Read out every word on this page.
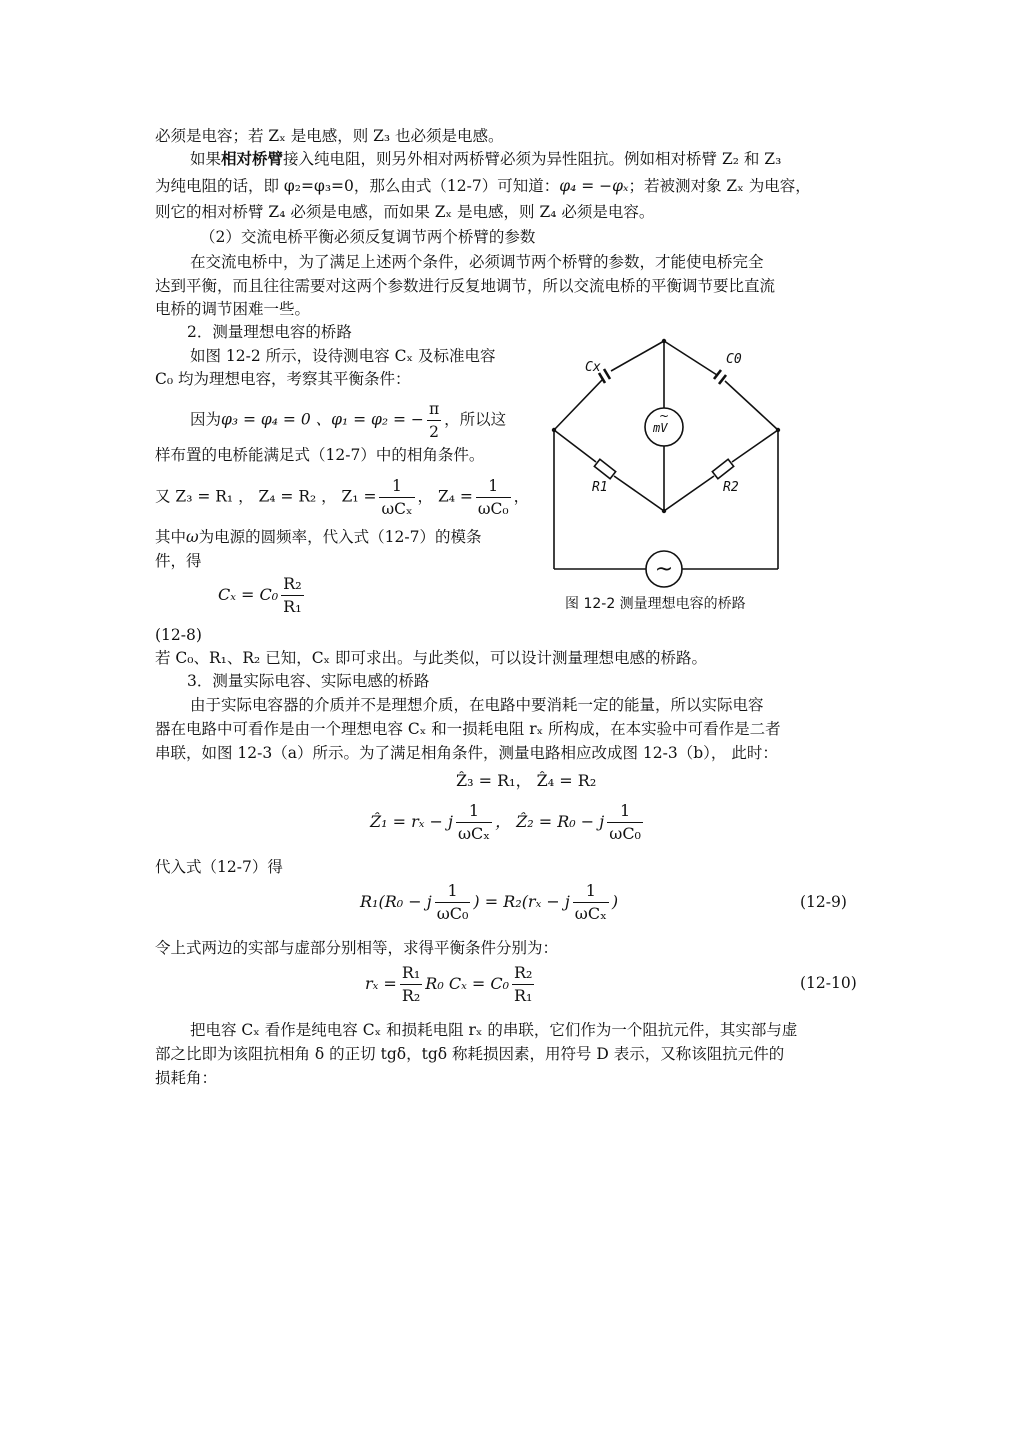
必须是电容；若 Zₓ 是电感，则 Z₃ 也必须是电感。
如果相对桥臂接入纯电阻，则另外相对两桥臂必须为异性阻抗。例如相对桥臂 Z₂ 和 Z₃
为纯电阻的话，即 φ₂=φ₃=0，那么由式（12-7）可知道：φ₄ = −φₓ；若被测对象 Zₓ 为电容，
则它的相对桥臂 Z₄ 必须是电感，而如果 Zₓ 是电感，则 Z₄ 必须是电容。
（2）交流电桥平衡必须反复调节两个桥臂的参数
在交流电桥中，为了满足上述两个条件，必须调节两个桥臂的参数，才能使电桥完全
达到平衡，而且往往需要对这两个参数进行反复地调节，所以交流电桥的平衡调节要比直流
电桥的调节困难一些。
2．测量理想电容的桥路
如图 12-2 所示，设待测电容 Cₓ 及标准电容
C₀ 均为理想电容，考察其平衡条件：
因为φ₃ = φ₄ = 0 、φ₁ = φ₂ = − $\frac{\pi}{2}$ ，所以这
样布置的电桥能满足式（12-7）中的相角条件。
又 Z₃ = R₁ ， Z₄ = R₂ ， $Z_1 = \frac{1}{\text{ωCₓ}}$ ， $Z_4 = \frac{1}{\text{ωC₀}}$ ，
其中ω为电源的圆频率，代入式（12-7）的模条
件，得
$C_x = C_0 \frac{\text{R₂}}{\text{R₁}}$
(12-8)
Cx
C0
R1	R2
mV
~
~
图 12-2 测量理想电容的桥路
若 C₀、R₁、R₂ 已知，Cₓ 即可求出。与此类似，可以设计测量理想电感的桥路。
3．测量实际电容、实际电感的桥路
由于实际电容器的介质并不是理想介质，在电路中要消耗一定的能量，所以实际电容
器在电路中可看作是由一个理想电容 Cₓ 和一损耗电阻 rₓ 所构成，在本实验中可看作是二者
串联，如图 12-3（a）所示。为了满足相角条件，测量电路相应改成图 12-3（b）， 此时：
Ẑ₃ = R₁， Ẑ₄ = R₂
Ẑ₁ = rₓ − j $\frac{1}{\text{ωCₓ}}$ ， Ẑ₂ = R₀ − j $\frac{1}{\text{ωC₀}}$
代入式（12-7）得
R₁(R₀ − j $\frac{1}{\text{ωC₀}}$ ) = R₂(rₓ − j $\frac{1}{\text{ωCₓ}}$ )	(12-9)
令上式两边的实部与虚部分别相等，求得平衡条件分别为：
$r_x = \frac{\text{R₁}}{\text{R₂}} R_0$ $C_x = C_0 \frac{\text{R₂}}{\text{R₁}}$	(12-10)
把电容 Cₓ 看作是纯电容 Cₓ 和损耗电阻 rₓ 的串联，它们作为一个阻抗元件，其实部与虚
部之比即为该阻抗相角 δ 的正切 tgδ，tgδ 称耗损因素，用符号 D 表示，又称该阻抗元件的
损耗角：
